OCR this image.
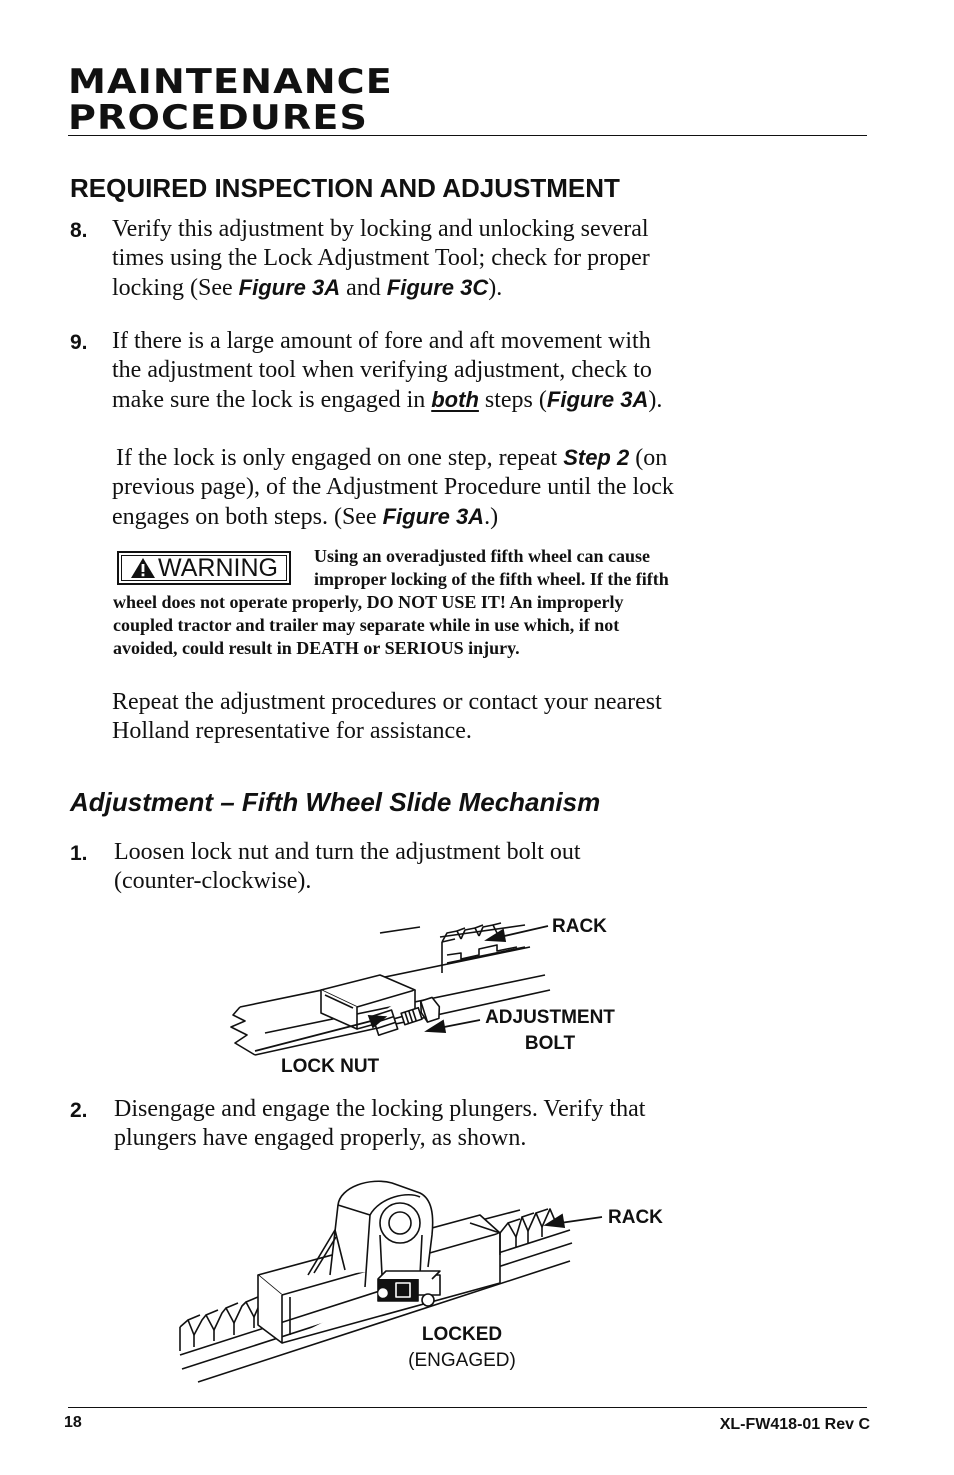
MAINTENANCE
PROCEDURES
REQUIRED INSPECTION AND ADJUSTMENT
8. Verify this adjustment by locking and unlocking several
times using the Lock Adjustment Tool; check for proper
locking (See Figure 3A and Figure 3C).
9. If there is a large amount of fore and aft movement with
the adjustment tool when verifying adjustment, check to
make sure the lock is engaged in both steps (Figure 3A).
If the lock is only engaged on one step, repeat Step 2 (on
previous page), of the Adjustment Procedure until the lock
engages on both steps. (See Figure 3A.)
WARNING Using an overadjusted fifth wheel can cause
improper locking of the fifth wheel. If the fifth
wheel does not operate properly, DO NOT USE IT! An improperly
coupled tractor and trailer may separate while in use which, if not
avoided, could result in DEATH or SERIOUS injury.
Repeat the adjustment procedures or contact your nearest
Holland representative for assistance.
Adjustment – Fifth Wheel Slide Mechanism
1. Loosen lock nut and turn the adjustment bolt out
(counter-clockwise).
RACK
ADJUSTMENT
BOLT
LOCK NUT
2. Disengage and engage the locking plungers. Verify that
plungers have engaged properly, as shown.
RACK
LOCKED
(ENGAGED)
18	XL-FW418-01 Rev C
